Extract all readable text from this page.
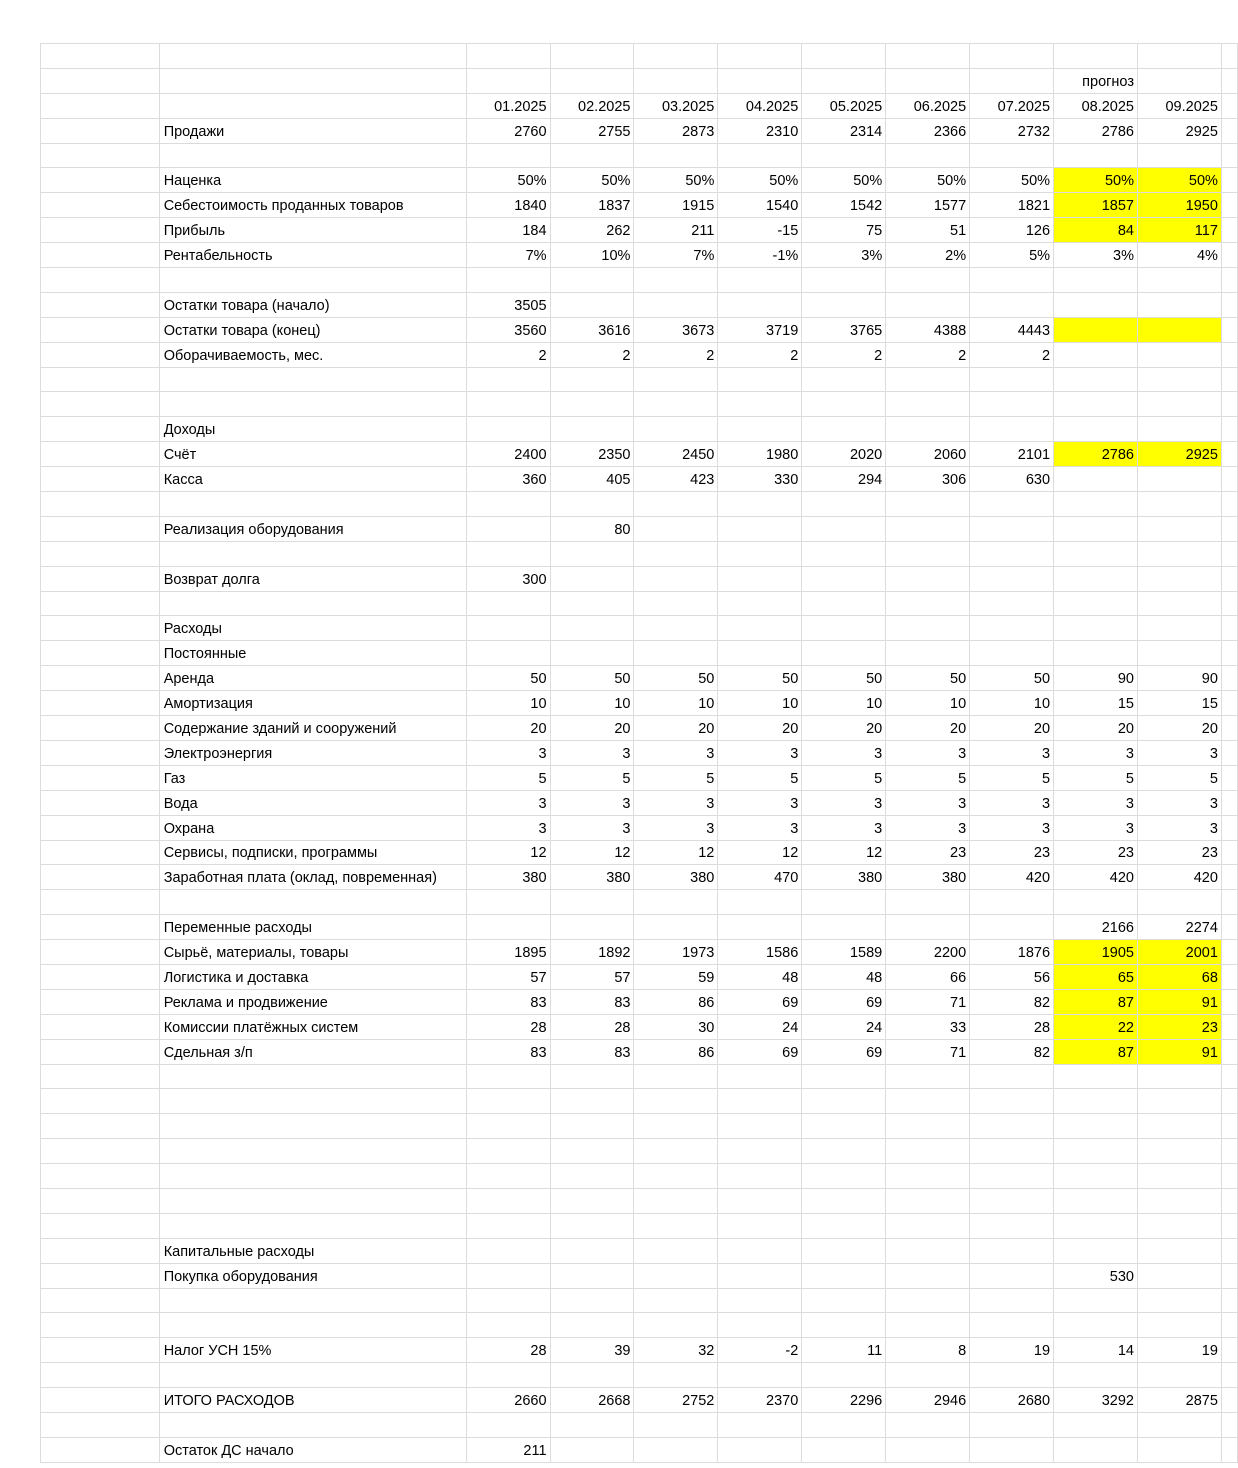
									прогноз		
		01.2025	02.2025	03.2025	04.2025	05.2025	06.2025	07.2025	08.2025	09.2025	
	Продажи	2760	2755	2873	2310	2314	2366	2732	2786	2925	

	Наценка	50%	50%	50%	50%	50%	50%	50%	50%	50%	
	Себестоимость проданных товаров	1840	1837	1915	1540	1542	1577	1821	1857	1950	
	Прибыль	184	262	211	-15	75	51	126	84	117	
	Рентабельность	7%	10%	7%	-1%	3%	2%	5%	3%	4%	

	Остатки товара (начало)	3505									
	Остатки товара (конец)	3560	3616	3673	3719	3765	4388	4443			
	Оборачиваемость, мес.	2	2	2	2	2	2	2			

	Доходы										
	Счёт	2400	2350	2450	1980	2020	2060	2101	2786	2925	
	Касса	360	405	423	330	294	306	630			

	Реализация оборудования		80								

	Возврат долга	300									

	Расходы										
	Постоянные										
	Аренда	50	50	50	50	50	50	50	90	90	
	Амортизация	10	10	10	10	10	10	10	15	15	
	Содержание зданий и сооружений	20	20	20	20	20	20	20	20	20	
	Электроэнергия	3	3	3	3	3	3	3	3	3	
	Газ	5	5	5	5	5	5	5	5	5	
	Вода	3	3	3	3	3	3	3	3	3	
	Охрана	3	3	3	3	3	3	3	3	3	
	Сервисы, подписки, программы	12	12	12	12	12	23	23	23	23	
	Заработная плата (оклад, повременная)	380	380	380	470	380	380	420	420	420	

	Переменные расходы								2166	2274	
	Сырьё, материалы, товары	1895	1892	1973	1586	1589	2200	1876	1905	2001	
	Логистика и доставка	57	57	59	48	48	66	56	65	68	
	Реклама и продвижение	83	83	86	69	69	71	82	87	91	
	Комиссии платёжных систем	28	28	30	24	24	33	28	22	23	
	Сдельная з/п	83	83	86	69	69	71	82	87	91	

	Капитальные расходы										
	Покупка оборудования								530		

	Налог УСН 15%	28	39	32	-2	11	8	19	14	19	

	ИТОГО РАСХОДОВ	2660	2668	2752	2370	2296	2946	2680	3292	2875	

	Остаток ДС начало	211									
